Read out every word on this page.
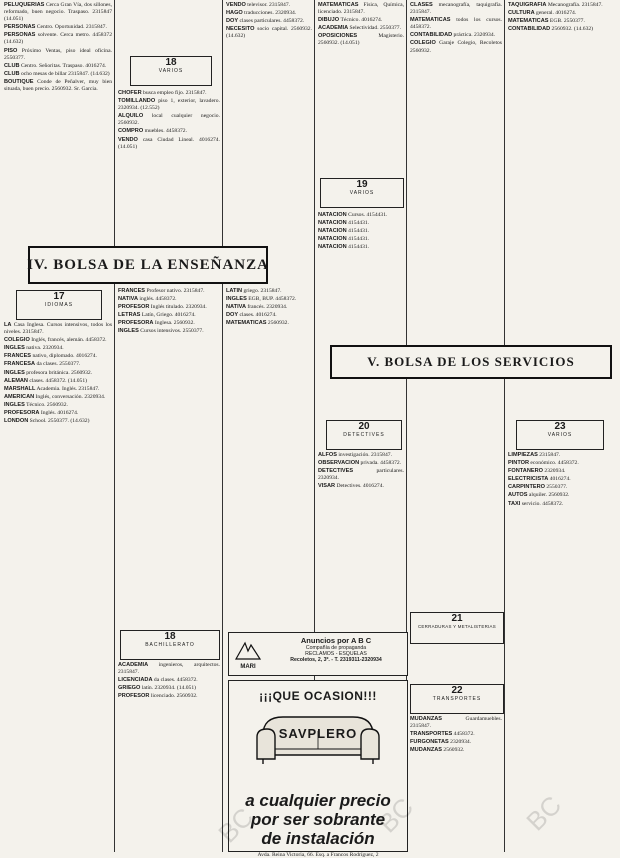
PELUQUERIAS Cerca Gran Vía, dos sillones, reformado, buen negocio. Traspaso. 2315847 (14.051)

PERSONAS Centro. Oportunidad. 2315847.

PERSONAS solvente. Cerca metro. 4458372 (14.632)

PISO Próximo Ventas, piso ideal oficina. 2550377.

CLUB Centro. Señoritas. Traspaso. 4016274.

CLUB ocho mesas de billar 2315847. (14.632)

BOUTIQUE Conde de Peñalver, muy bien situada, buen precio. 2560932. Sr. Garcia.

CHOFER busca empleo fijo. 2315847.

TOMILLANDO piso 1, exterior, lavadero. 2320934. (12.552)

ALQUILO local cualquier negocio. 2560932.

COMPRO muebles. 4458372.

VENDO casa Ciudad Lineal. 4016274. (14.051)

VENDO televisor. 2315847.

HAGO traducciones. 2320934.

DOY clases particulares. 4458372.

NECESITO socio capital. 2560932. (14.632)

MATEMATICAS Física, Química, licenciado. 2315847.

DIBUJO Técnico. 4016274.

ACADEMIA Selectividad. 2550377.

OPOSICIONES Magisterio. 2560932. (14.051)

CLASES mecanografía, taquigrafía. 2315847.

MATEMATICAS todos los cursos. 4458372.

CONTABILIDAD práctica. 2320934.

COLEGIO Garaje Colegio, Recoletos 2560932.

TAQUIGRAFIA Mecanografía. 2315847.

CULTURA general. 4016274.

MATEMATICAS EGB. 2550377.

CONTABILIDAD 2560932. (14.632)

18
VARIOS
19
VARIOS

NATACION Cursos. 4154431.

NATACION 4154431.

NATACION 4154431.

NATACION 4154431.

NATACION 4154431.

IV. BOLSA DE LA ENSEÑANZA
17
IDIOMAS

LA Casa Inglesa. Cursos intensivos, todos los niveles. 2315847.

COLEGIO Inglés, francés, alemán. 4458372.

INGLES nativa. 2320934.

FRANCES nativo, diplomado. 4016274.

FRANCESA da clases. 2550377.

INGLES profesora británica. 2560932.

ALEMAN clases. 4458372. (14.051)

MARSHALL Academia. Inglés. 2315847.

AMERICAN Inglés, conversación. 2320934.

INGLES Técnico. 2560932.

PROFESORA Inglés. 4016274.

LONDON School. 2550377. (14.632)

FRANCES Profesor nativo. 2315847.

NATIVA inglés. 4458372.

PROFESOR Inglés titulado. 2320934.

LETRAS Latín, Griego. 4016274.

PROFESORA Inglesa. 2560932.

INGLES Cursos intensivos. 2550377.

LATIN griego. 2315847.

INGLES EGB, BUP. 4458372.

NATIVA francés. 2320934.

DOY clases. 4016274.

MATEMATICAS 2560932.

18
BACHILLERATO

ACADEMIA ingenieros, arquitectos. 2315847.

LICENCIADA da clases. 4458372.

GRIEGO latín. 2320934. (14.051)

PROFESOR licenciado. 2560932.

V. BOLSA DE LOS SERVICIOS
MARI
Anuncios por A B C
Compañía de propaganda
RECLAMOS - ESQUELAS
Recoletos, 2, 3º. - T. 2319311-2320934
¡¡¡QUE OCASION!!!
SAVPLERO
a cualquier precio
por ser sobrante
de instalación
Avda. Reina Victoria, 66. Esq. a Francos Rodríguez, 2
20
DETECTIVES

ALFOS investigación. 2315847.

OBSERVACION privada. 4458372.

DETECTIVES particulares. 2320934.

VISAR Detectives. 4016274.

21
CERRADURAS Y METALISTERIAS
22
TRANSPORTES

MUDANZAS Guardamuebles. 2315847.

TRANSPORTES 4458372.

FURGONETAS 2320934.

MUDANZAS 2560932.

23
VARIOS

LIMPIEZAS 2315847.

PINTOR económico. 4458372.

FONTANERO 2320934.

ELECTRICISTA 4016274.

CARPINTERO 2550377.

AUTOS alquiler. 2560932.

TAXI servicio. 4458372.

BC	BC	BC
